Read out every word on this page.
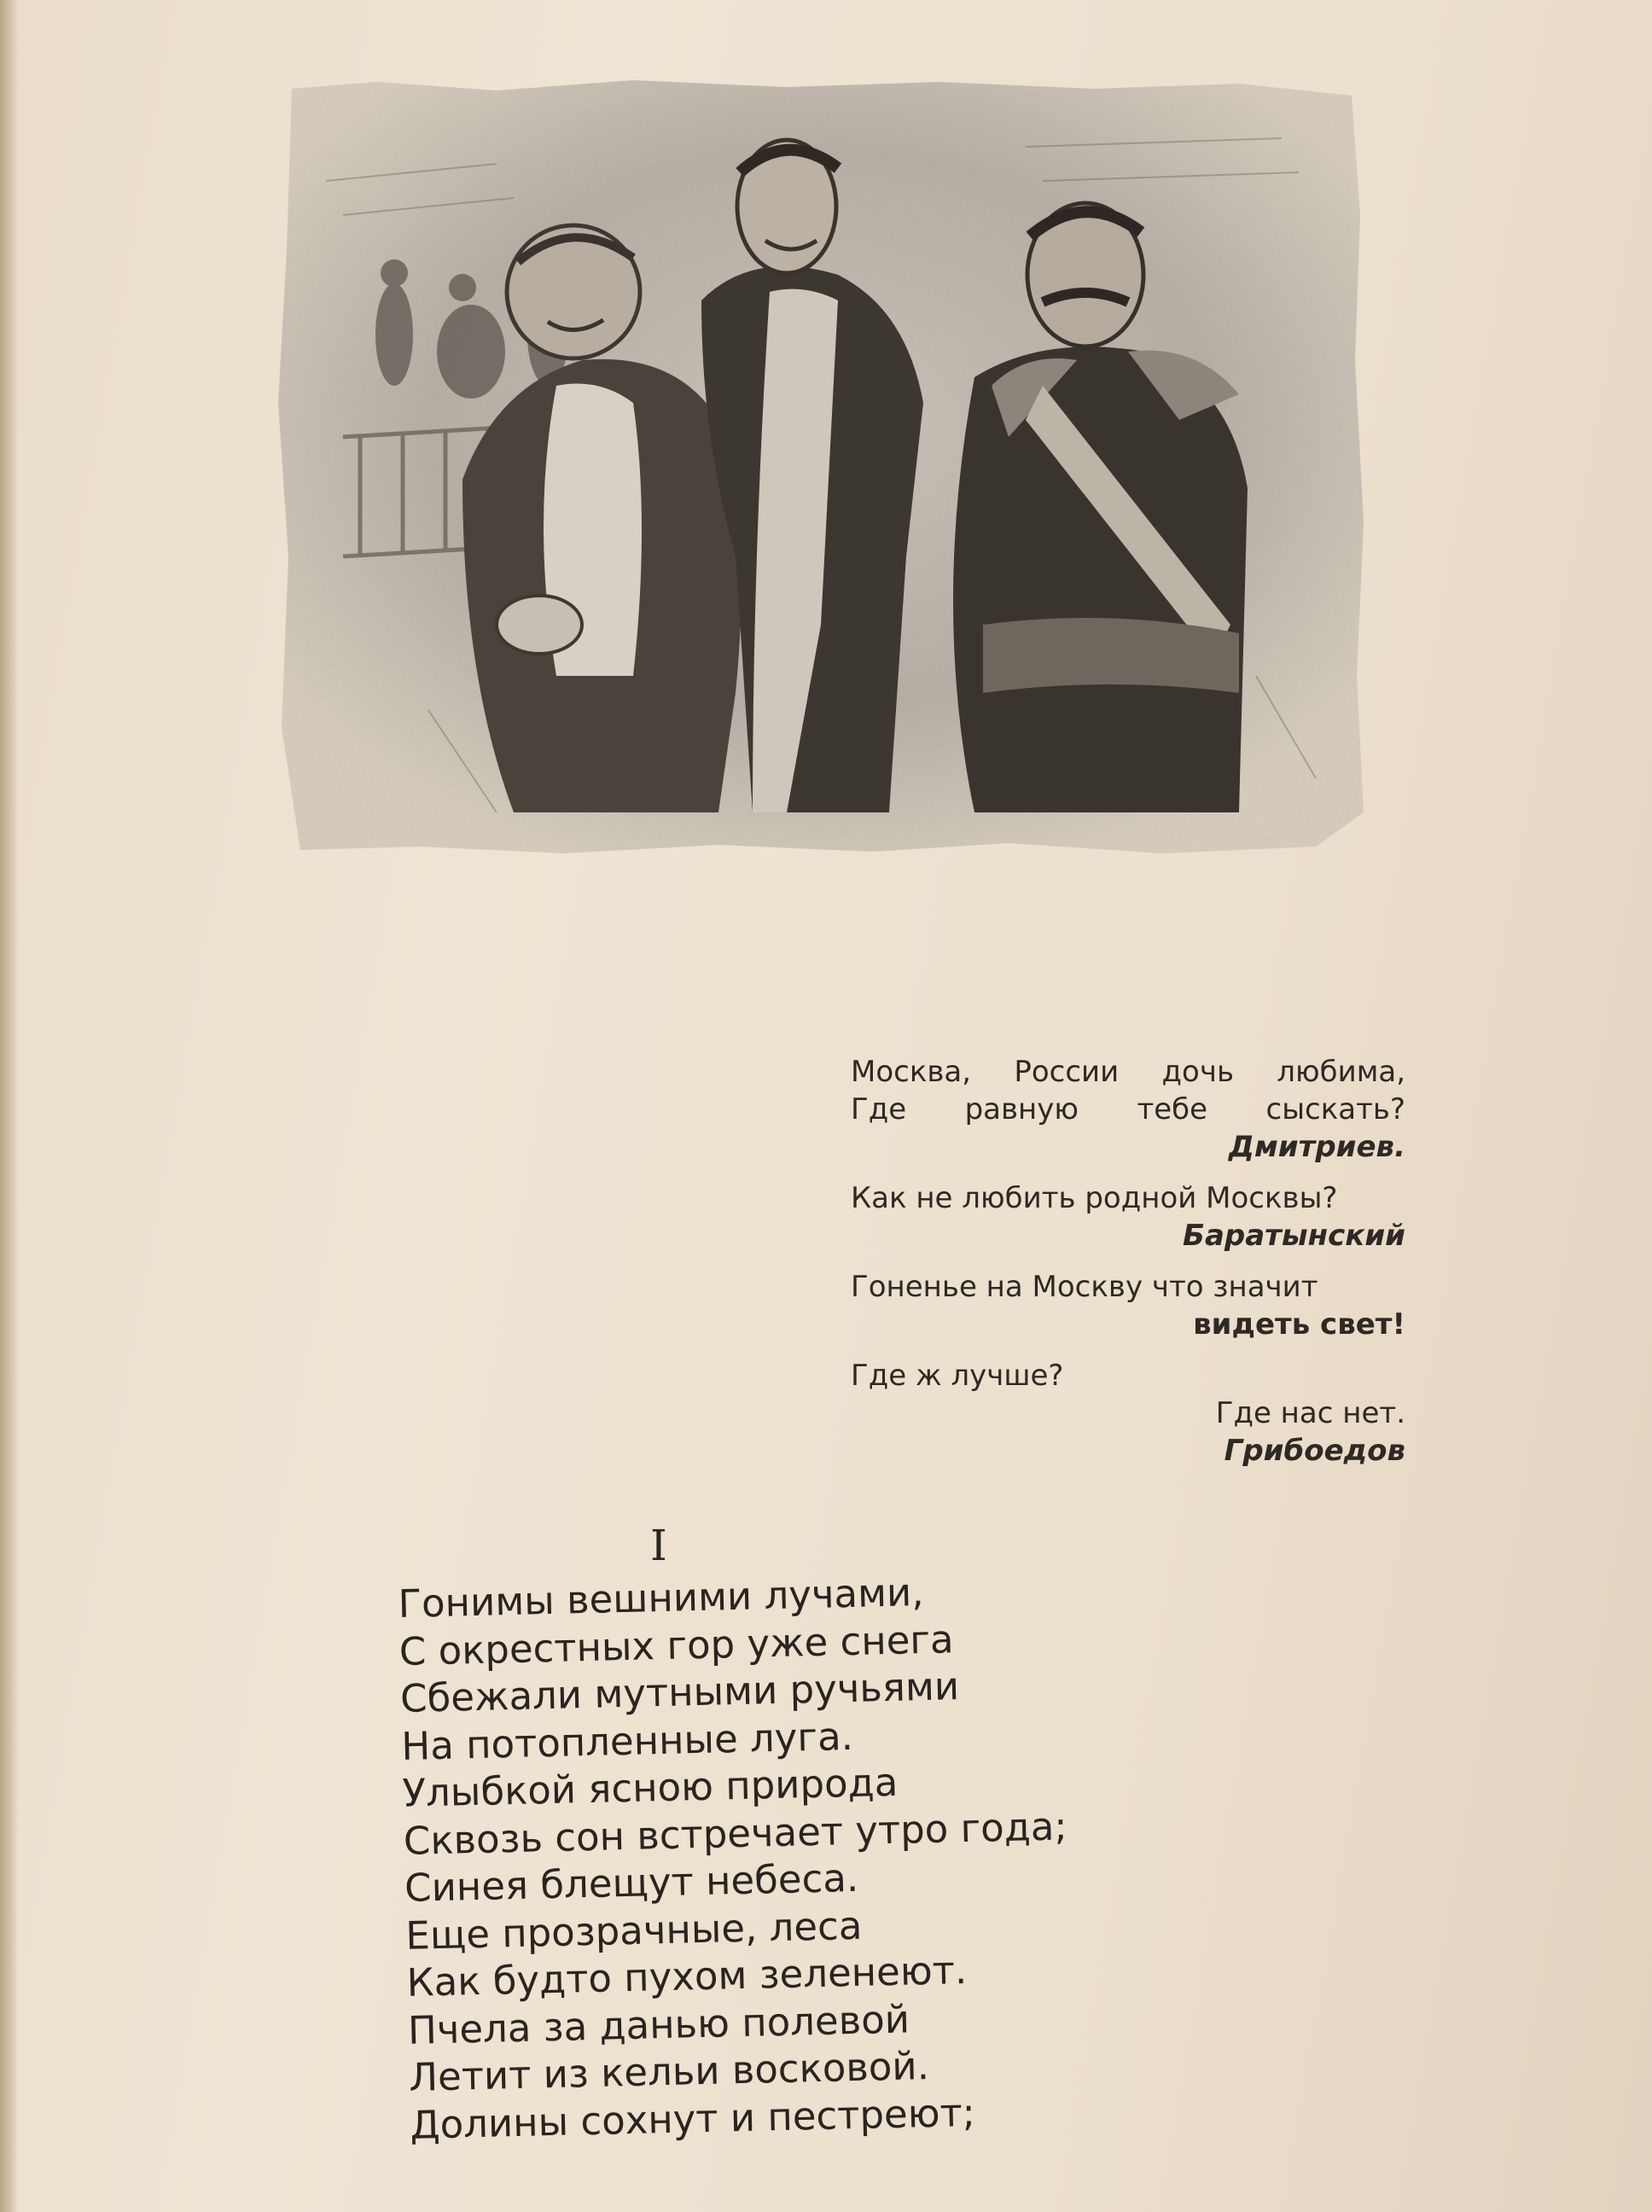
Москва, России дочь любима,
Где равную тебе сыскать?
Дмитриев.
Как не любить родной Москвы?
Баратынский
Гоненье на Москву что значит
видеть свет!
Где ж лучше?
Где нас нет.
Грибоедов
I
Гонимы вешними лучами,
С окрестных гор уже снега
Сбежали мутными ручьями
На потопленные луга.
Улыбкой ясною природа
Сквозь сон встречает утро года;
Синея блещут небеса.
Еще прозрачные, леса
Как будто пухом зеленеют.
Пчела за данью полевой
Летит из кельи восковой.
Долины сохнут и пестреют;
